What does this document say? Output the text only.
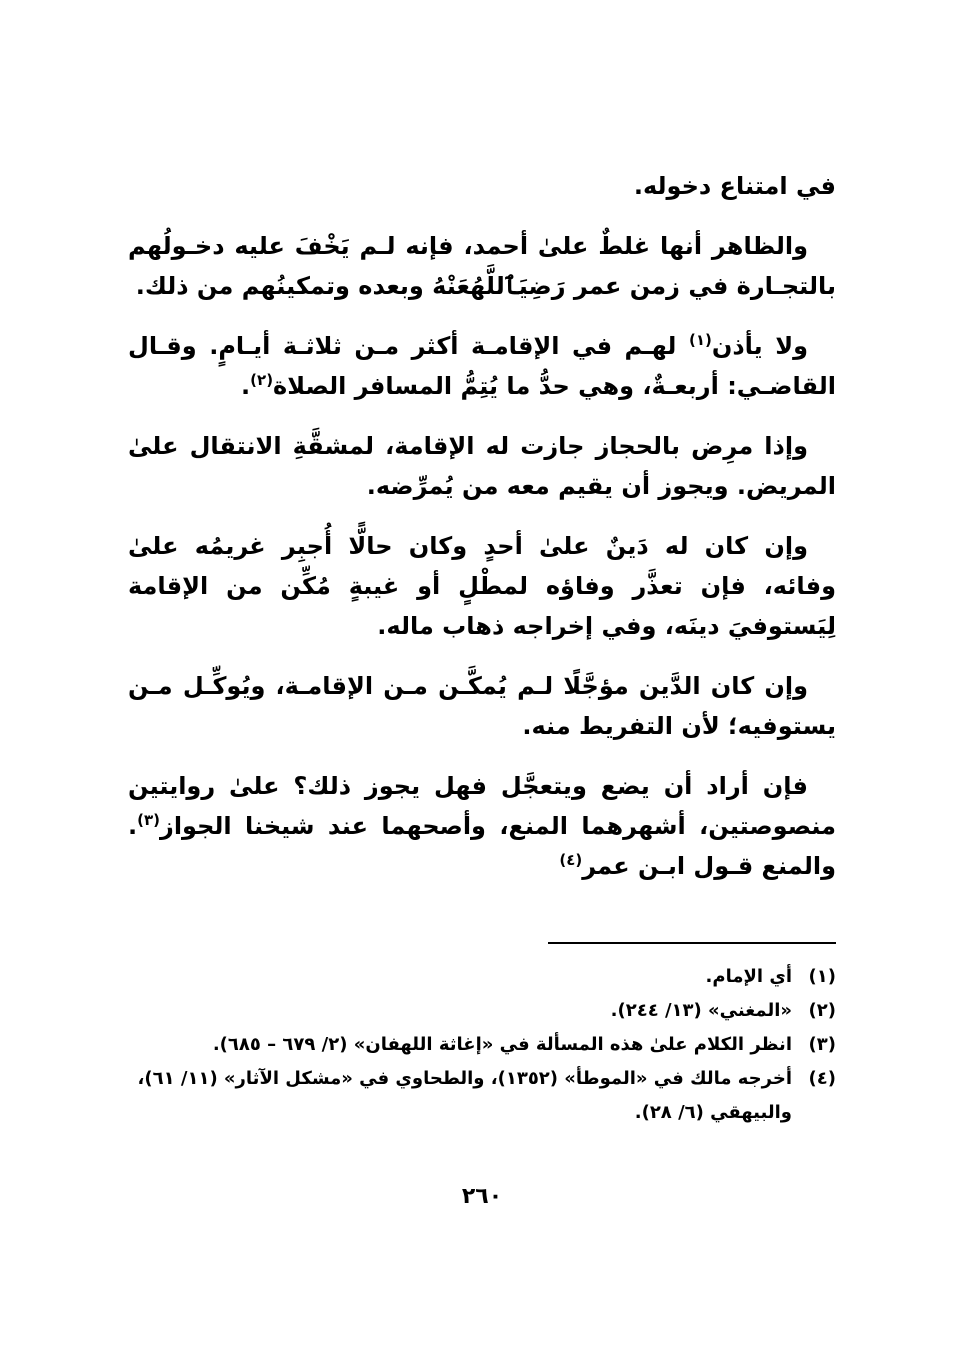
في امتناع دخوله.

والظاهر أنها غلطٌ علىٰ أحمد، فإنه لـم يَخْفَ عليه دخـولُهم بالتجـارة في زمن عمر رَضِيَٱللَّهُعَنْهُ وبعده وتمكينُهم من ذلك.

ولا يأذن$^{(١)}$ لهـم في الإقامـة أكثر مـن ثلاثـة أيـامٍ. وقـال القاضـي: أربعـةٌ، وهي حدُّ ما يُتِمُّ المسافر الصلاة$^{(٢)}$.

وإذا مرِض بالحجاز جازت له الإقامة، لمشقَّةِ الانتقال علىٰ المريض. ويجوز أن يقيم معه من يُمرِّضه.

وإن كان له دَينٌ علىٰ أحدٍ وكان حالًّا أُجبِر غريمُه علىٰ وفائه، فإن تعذَّر وفاؤه لمطْلٍ أو غيبةٍ مُكِّن من الإقامة لِيَستوفيَ دينَه، وفي إخراجه ذهاب ماله.

وإن كان الدَّين مؤجَّلًا لـم يُمكَّـن مـن الإقامـة، ويُوكِّـل مـن يستوفيه؛ لأن التفريط منه.

فإن أراد أن يضع ويتعجَّل فهل يجوز ذلك؟ علىٰ روايتين منصوصتين، أشهرهما المنع، وأصحهما عند شيخنا الجواز$^{(٣)}$. والمنع قـول ابـن عمر$^{(٤)}$

(١)
أي الإمام.
(٢)
«المغني» (١٣/ ٢٤٤).
(٣)
انظر الكلام علىٰ هذه المسألة في «إغاثة اللهفان» (٢/ ٦٧٩ – ٦٨٥).
(٤)
أخرجه مالك في «الموطأ» (١٣٥٢)، والطحاوي في «مشكل الآثار» (١١/ ٦١)، والبيهقي (٦/ ٢٨).
٢٦٠
